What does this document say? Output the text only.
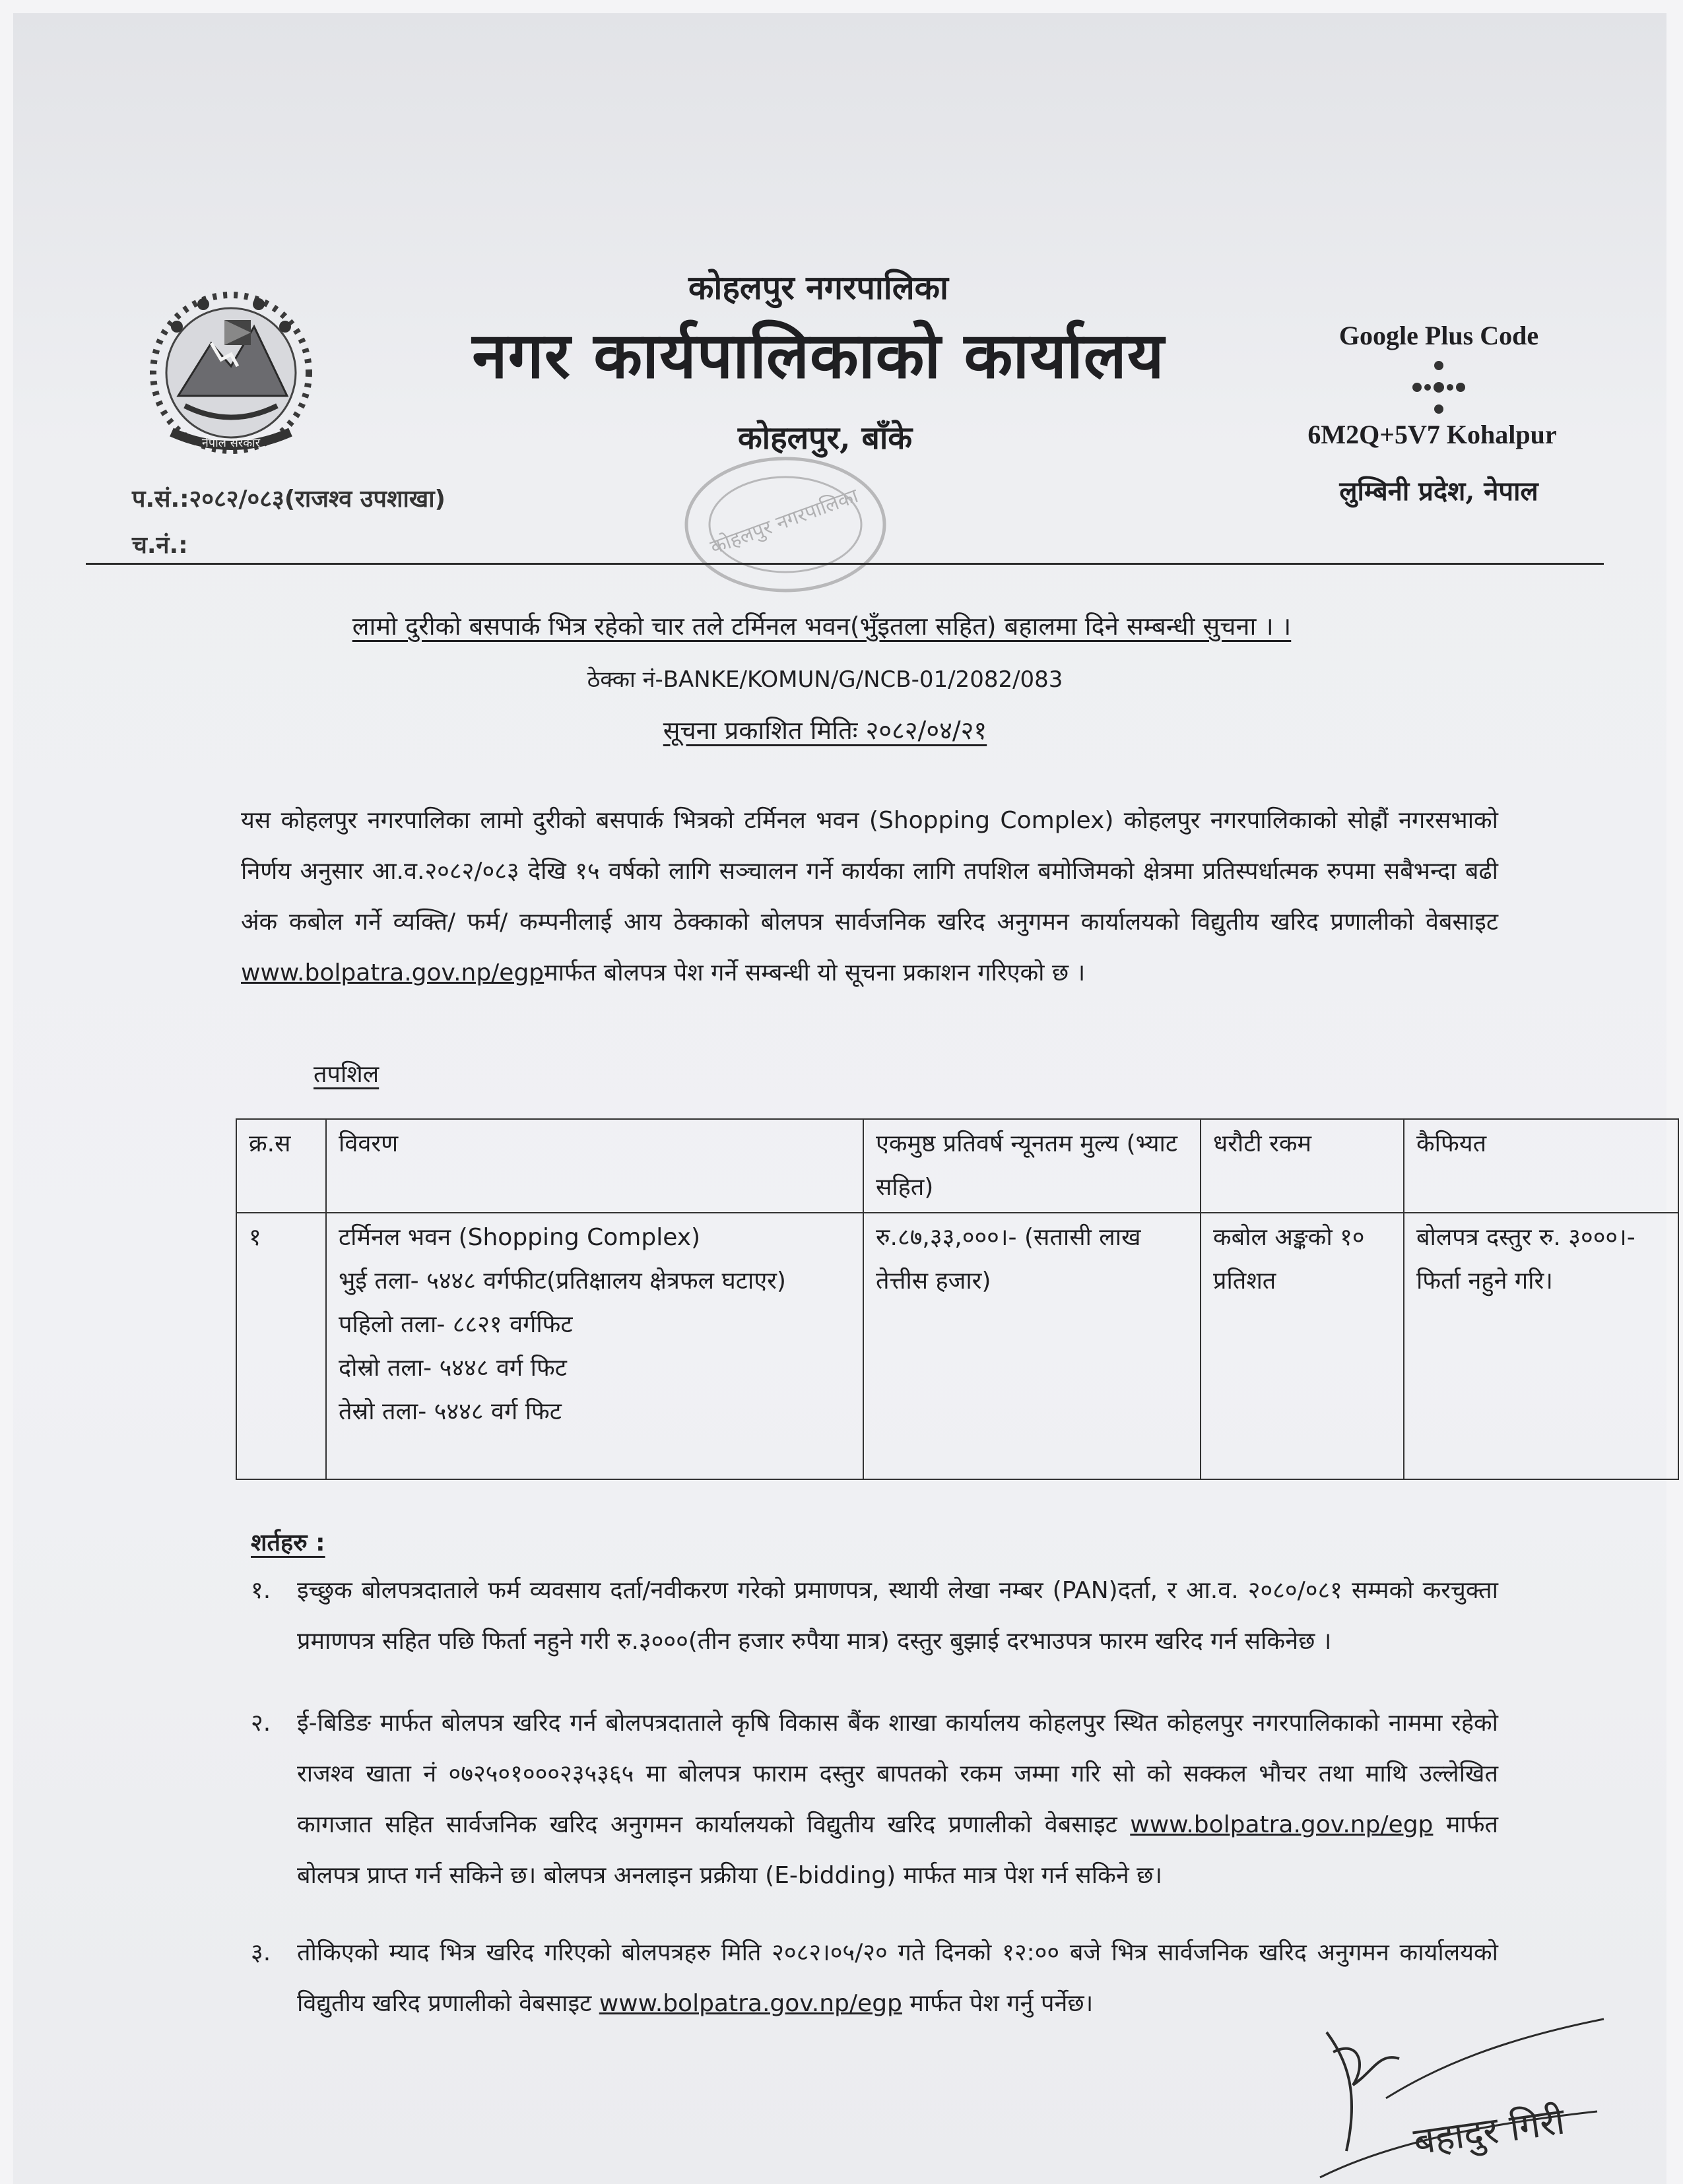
नेपाल सरकार
कोहलपुर नगरपालिका
नगर कार्यपालिकाको कार्यालय
कोहलपुर, बाँके
Google Plus Code
6M2Q+5V7 Kohalpur
लुम्बिनी प्रदेश, नेपाल
प.सं.:२०८२/०८३(राजश्व उपशाखा)
च.नं.:	कोहलपुर नगरपालिका
लामो दुरीको बसपार्क भित्र रहेको चार तले टर्मिनल भवन(भुँइतला सहित) बहालमा दिने सम्बन्धी सुचना । ।
ठेक्का नं-BANKE/KOMUN/G/NCB-01/2082/083
सूचना प्रकाशित मितिः २०८२/०४/२१
यस कोहलपुर नगरपालिका लामो दुरीको बसपार्क भित्रको टर्मिनल भवन (Shopping Complex) कोहलपुर नगरपालिकाको सोह्रौं नगरसभाको निर्णय अनुसार आ.व.२०८२/०८३ देखि १५ वर्षको लागि सञ्चालन गर्ने कार्यका लागि तपशिल बमोजिमको क्षेत्रमा प्रतिस्पर्धात्मक रुपमा सबैभन्दा बढी अंक कबोल गर्ने व्यक्ति/ फर्म/ कम्पनीलाई आय ठेक्काको बोलपत्र सार्वजनिक खरिद अनुगमन कार्यालयको विद्युतीय खरिद प्रणालीको वेबसाइट www.bolpatra.gov.np/egpमार्फत बोलपत्र पेश गर्ने सम्बन्धी यो सूचना प्रकाशन गरिएको छ ।
तपशिल
क्र.स	विवरण	एकमुष्ठ प्रतिवर्ष न्यूनतम मुल्य (भ्याट सहित)	धरौटी रकम	कैफियत
१	टर्मिनल भवन (Shopping Complex)
भुई तला- ५४४८ वर्गफीट(प्रतिक्षालय क्षेत्रफल घटाएर)
पहिलो तला- ८८२१ वर्गफिट
दोस्रो तला- ५४४८ वर्ग फिट
तेस्रो तला- ५४४८ वर्ग फिट	रु.८७,३३,०००।- (सतासी लाख तेत्तीस हजार)	कबोल अङ्कको १० प्रतिशत	बोलपत्र दस्तुर रु. ३०००।- फिर्ता नहुने गरि।
शर्तहरु :
१.	इच्छुक बोलपत्रदाताले फर्म व्यवसाय दर्ता/नवीकरण गरेको प्रमाणपत्र, स्थायी लेखा नम्बर (PAN)दर्ता, र आ.व. २०८०/०८१ सम्मको करचुक्ता प्रमाणपत्र सहित पछि फिर्ता नहुने गरी रु.३०००(तीन हजार रुपैया मात्र) दस्तुर बुझाई दरभाउपत्र फारम खरिद गर्न सकिनेछ ।
२.	ई-बिडिङ मार्फत बोलपत्र खरिद गर्न बोलपत्रदाताले कृषि विकास बैंक शाखा कार्यालय कोहलपुर स्थित कोहलपुर नगरपालिकाको नाममा रहेको राजश्व खाता नं ०७२५०१०००२३५३६५ मा बोलपत्र फाराम दस्तुर बापतको रकम जम्मा गरि सो को सक्कल भौचर तथा माथि उल्लेखित कागजात सहित सार्वजनिक खरिद अनुगमन कार्यालयको विद्युतीय खरिद प्रणालीको वेबसाइट www.bolpatra.gov.np/egp मार्फत बोलपत्र प्राप्त गर्न सकिने छ। बोलपत्र अनलाइन प्रक्रीया (E-bidding) मार्फत मात्र पेश गर्न सकिने छ।
३.	तोकिएको म्याद भित्र खरिद गरिएको बोलपत्रहरु मिति २०८२।०५/२० गते दिनको १२:०० बजे भित्र सार्वजनिक खरिद अनुगमन कार्यालयको विद्युतीय खरिद प्रणालीको वेबसाइट www.bolpatra.gov.np/egp मार्फत पेश गर्नु पर्नेछ।
बहादुर गिरी
